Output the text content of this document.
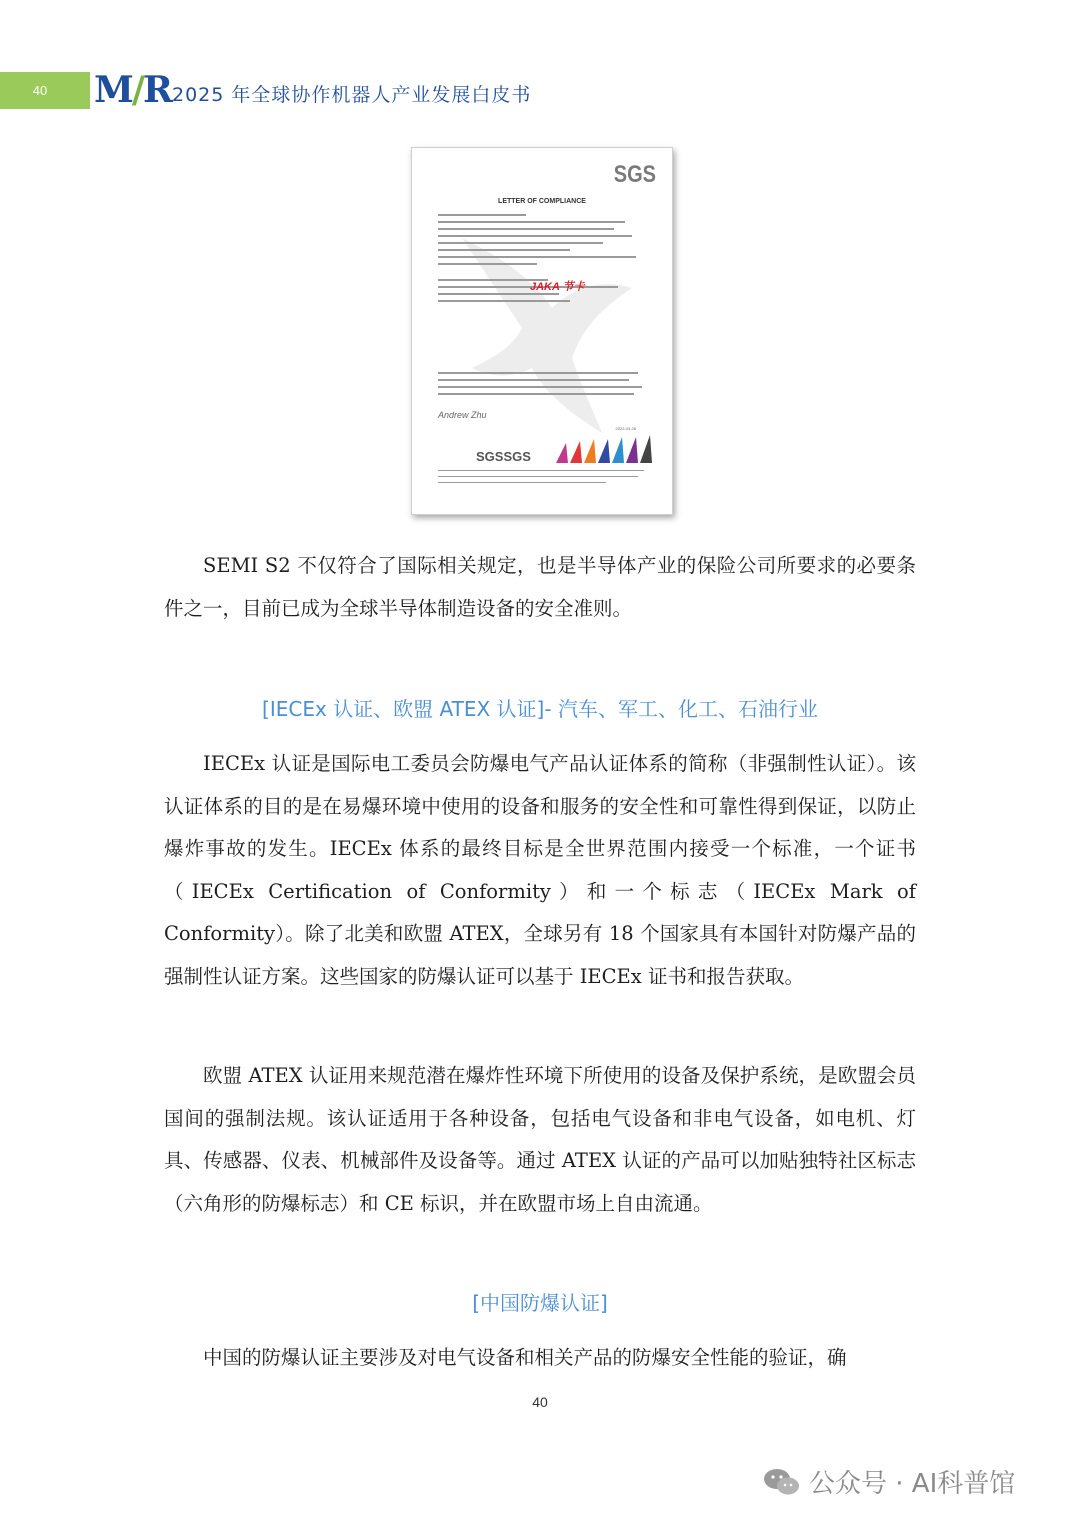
40	M/R 2025 年全球协作机器人产业发展白皮书
SGS
LETTER OF COMPLIANCE
JAKA 节卡
Andrew Zhu
2022-03-28
SGSSGS

SEMI S2 不仅符合了国际相关规定，也是半导体产业的保险公司所要求的必要条件之一，目前已成为全球半导体制造设备的安全准则。

[IECEx 认证、欧盟 ATEX 认证]- 汽车、军工、化工、石油行业

IECEx 认证是国际电工委员会防爆电气产品认证体系的简称（非强制性认证）。该认证体系的目的是在易爆环境中使用的设备和服务的安全性和可靠性得到保证，以防止爆炸事故的发生。IECEx 体系的最终目标是全世界范围内接受一个标准，一个证书（IECEx Certification of Conformity）和一个标志（IECEx Mark of Conformity）。除了北美和欧盟 ATEX，全球另有 18 个国家具有本国针对防爆产品的强制性认证方案。这些国家的防爆认证可以基于 IECEx 证书和报告获取。

欧盟 ATEX 认证用来规范潜在爆炸性环境下所使用的设备及保护系统，是欧盟会员国间的强制法规。该认证适用于各种设备，包括电气设备和非电气设备，如电机、灯具、传感器、仪表、机械部件及设备等。通过 ATEX 认证的产品可以加贴独特社区标志（六角形的防爆标志）和 CE 标识，并在欧盟市场上自由流通。

[中国防爆认证]

中国的防爆认证主要涉及对电气设备和相关产品的防爆安全性能的验证，确

40
公众号 · AI科普馆
